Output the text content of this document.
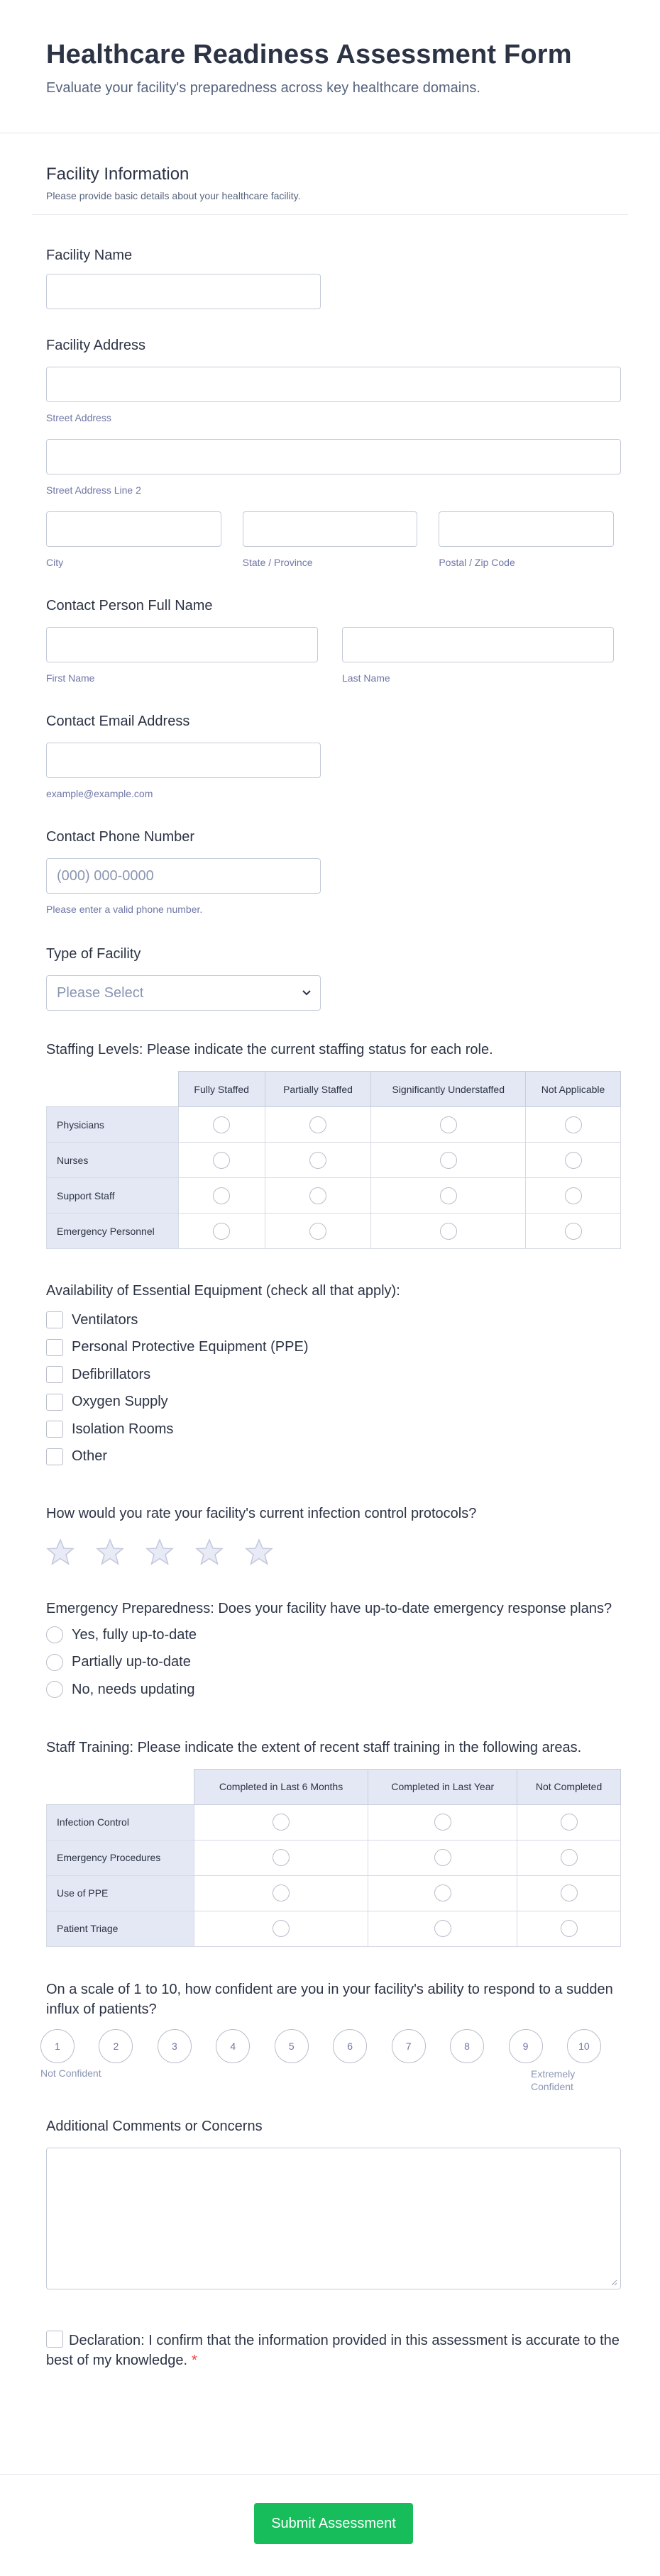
Healthcare Readiness Assessment Form

Evaluate your facility's preparedness across key healthcare domains.

Facility Information

Please provide basic details about your healthcare facility.

Facility Name
Facility Address
Street Address
Street Address Line 2
City	State / Province	Postal / Zip Code
Contact Person Full Name
First Name	Last Name
Contact Email Address
example@example.com
Contact Phone Number
(000) 000-0000
Please enter a valid phone number.
Type of Facility
Please Select
Staffing Levels: Please indicate the current staffing status for each role.
	Fully Staffed	Partially Staffed	Significantly Understaffed	Not Applicable
Physicians				
Nurses				
Support Staff				
Emergency Personnel				
Availability of Essential Equipment (check all that apply):
Ventilators
Personal Protective Equipment (PPE)
Defibrillators
Oxygen Supply
Isolation Rooms
Other
How would you rate your facility's current infection control protocols?
Emergency Preparedness: Does your facility have up-to-date emergency response plans?
Yes, fully up-to-date
Partially up-to-date
No, needs updating
Staff Training: Please indicate the extent of recent staff training in the following areas.
	Completed in Last 6 Months	Completed in Last Year	Not Completed
Infection Control			
Emergency Procedures			
Use of PPE			
Patient Triage			
On a scale of 1 to 10, how confident are you in your facility's ability to respond to a sudden influx of patients?
1	2	3	4	5	6	7	8	9	10
Not Confident	Extremely Confident
Additional Comments or Concerns
Declaration: I confirm that the information provided in this assessment is accurate to the best of my knowledge. *
Submit Assessment
